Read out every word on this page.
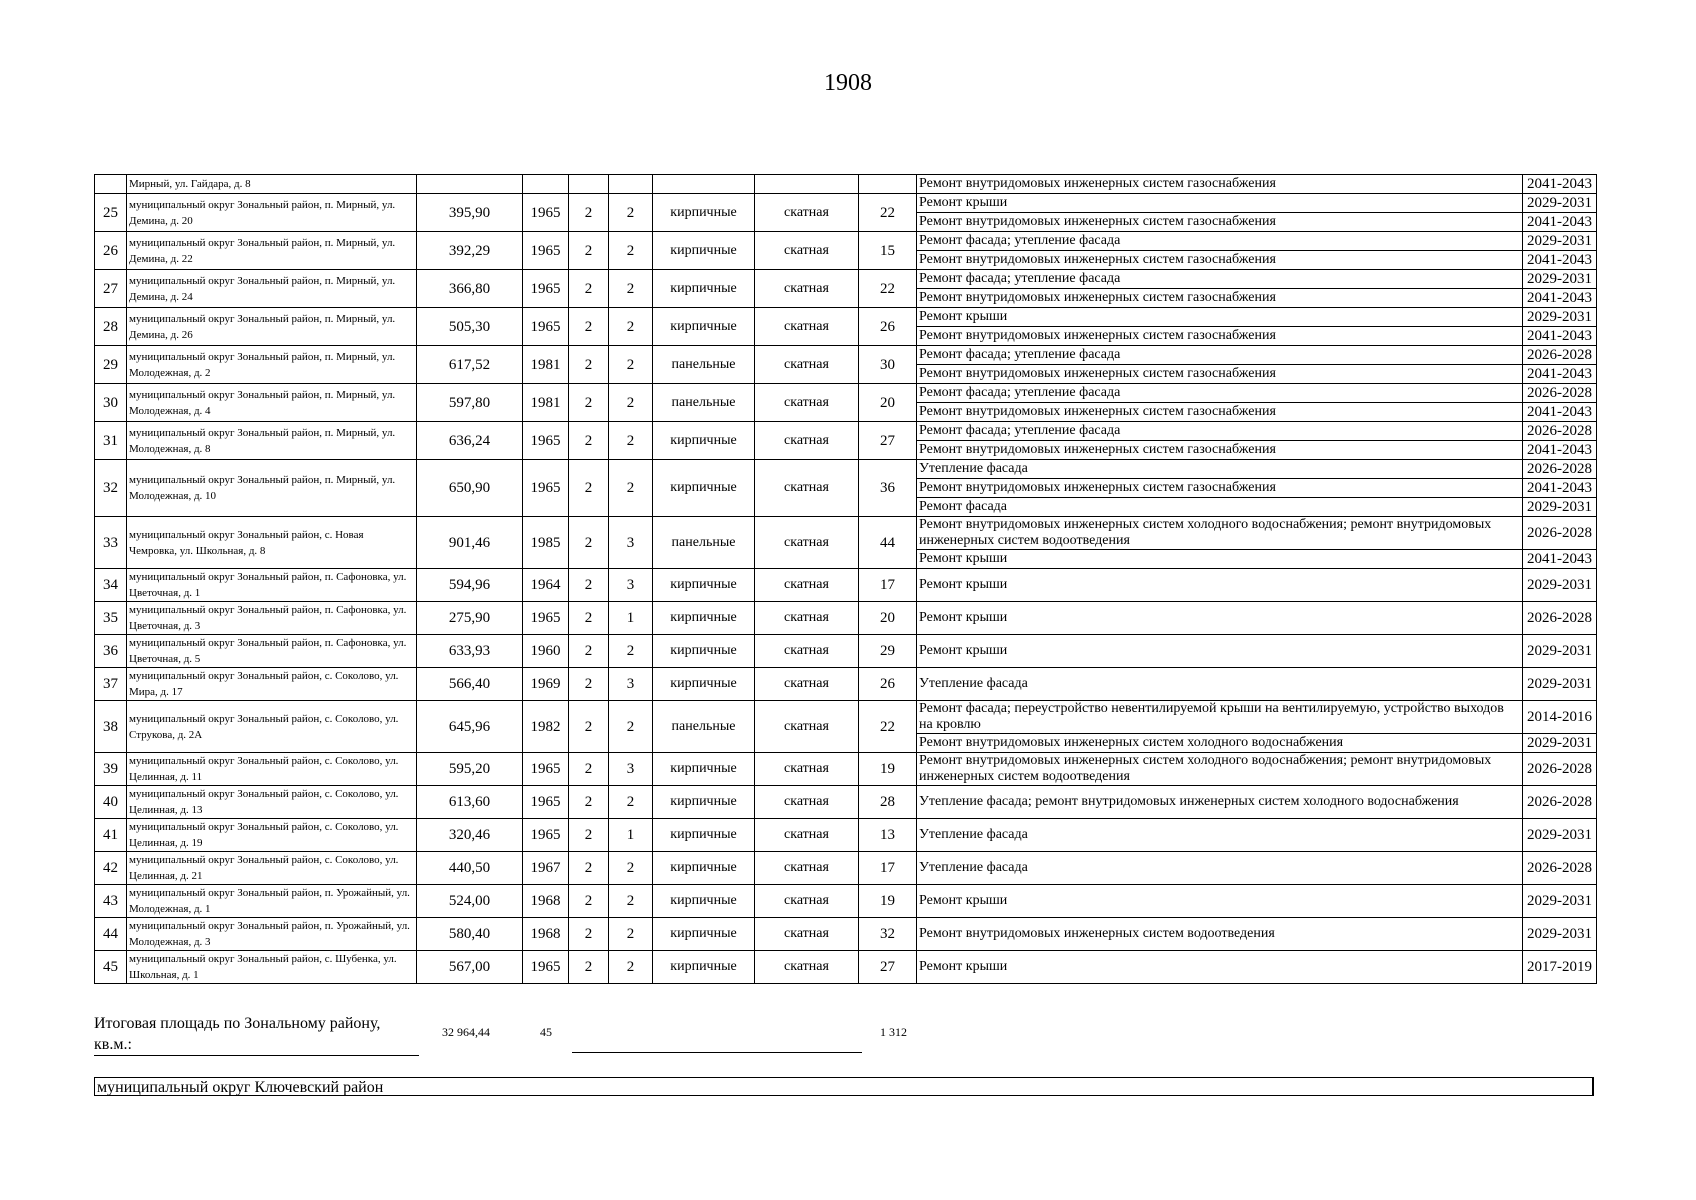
1908
	Мирный, ул. Гайдара, д. 8								Ремонт внутридомовых инженерных систем газоснабжения	2041-2043
25	муниципальный округ Зональный район, п. Мирный, ул. Демина, д. 20	395,90	1965	2	2	кирпичные	скатная	22	Ремонт крыши	2029-2031
									Ремонт внутридомовых инженерных систем газоснабжения	2041-2043
26	муниципальный округ Зональный район, п. Мирный, ул. Демина, д. 22	392,29	1965	2	2	кирпичные	скатная	15	Ремонт фасада; утепление фасада	2029-2031
									Ремонт внутридомовых инженерных систем газоснабжения	2041-2043
27	муниципальный округ Зональный район, п. Мирный, ул. Демина, д. 24	366,80	1965	2	2	кирпичные	скатная	22	Ремонт фасада; утепление фасада	2029-2031
									Ремонт внутридомовых инженерных систем газоснабжения	2041-2043
28	муниципальный округ Зональный район, п. Мирный, ул. Демина, д. 26	505,30	1965	2	2	кирпичные	скатная	26	Ремонт крыши	2029-2031
									Ремонт внутридомовых инженерных систем газоснабжения	2041-2043
29	муниципальный округ Зональный район, п. Мирный, ул. Молодежная, д. 2	617,52	1981	2	2	панельные	скатная	30	Ремонт фасада; утепление фасада	2026-2028
									Ремонт внутридомовых инженерных систем газоснабжения	2041-2043
30	муниципальный округ Зональный район, п. Мирный, ул. Молодежная, д. 4	597,80	1981	2	2	панельные	скатная	20	Ремонт фасада; утепление фасада	2026-2028
									Ремонт внутридомовых инженерных систем газоснабжения	2041-2043
31	муниципальный округ Зональный район, п. Мирный, ул. Молодежная, д. 8	636,24	1965	2	2	кирпичные	скатная	27	Ремонт фасада; утепление фасада	2026-2028
									Ремонт внутридомовых инженерных систем газоснабжения	2041-2043
32	муниципальный округ Зональный район, п. Мирный, ул. Молодежная, д. 10	650,90	1965	2	2	кирпичные	скатная	36	Утепление фасада	2026-2028
									Ремонт внутридомовых инженерных систем газоснабжения	2041-2043
									Ремонт фасада	2029-2031
33	муниципальный округ Зональный район, с. Новая Чемровка, ул. Школьная, д. 8	901,46	1985	2	3	панельные	скатная	44	Ремонт внутридомовых инженерных систем холодного водоснабжения; ремонт внутридомовых инженерных систем водоотведения	2026-2028
									Ремонт крыши	2041-2043
34	муниципальный округ Зональный район, п. Сафоновка, ул. Цветочная, д. 1	594,96	1964	2	3	кирпичные	скатная	17	Ремонт крыши	2029-2031
35	муниципальный округ Зональный район, п. Сафоновка, ул. Цветочная, д. 3	275,90	1965	2	1	кирпичные	скатная	20	Ремонт крыши	2026-2028
36	муниципальный округ Зональный район, п. Сафоновка, ул. Цветочная, д. 5	633,93	1960	2	2	кирпичные	скатная	29	Ремонт крыши	2029-2031
37	муниципальный округ Зональный район, с. Соколово, ул. Мира, д. 17	566,40	1969	2	3	кирпичные	скатная	26	Утепление фасада	2029-2031
38	муниципальный округ Зональный район, с. Соколово, ул. Струкова, д. 2А	645,96	1982	2	2	панельные	скатная	22	Ремонт фасада; переустройство невентилируемой крыши на вентилируемую, устройство выходов на кровлю	2014-2016
									Ремонт внутридомовых инженерных систем холодного водоснабжения	2029-2031
39	муниципальный округ Зональный район, с. Соколово, ул. Целинная, д. 11	595,20	1965	2	3	кирпичные	скатная	19	Ремонт внутридомовых инженерных систем холодного водоснабжения; ремонт внутридомовых инженерных систем водоотведения	2026-2028
40	муниципальный округ Зональный район, с. Соколово, ул. Целинная, д. 13	613,60	1965	2	2	кирпичные	скатная	28	Утепление фасада; ремонт внутридомовых инженерных систем холодного водоснабжения	2026-2028
41	муниципальный округ Зональный район, с. Соколово, ул. Целинная, д. 19	320,46	1965	2	1	кирпичные	скатная	13	Утепление фасада	2029-2031
42	муниципальный округ Зональный район, с. Соколово, ул. Целинная, д. 21	440,50	1967	2	2	кирпичные	скатная	17	Утепление фасада	2026-2028
43	муниципальный округ Зональный район, п. Урожайный, ул. Молодежная, д. 1	524,00	1968	2	2	кирпичные	скатная	19	Ремонт крыши	2029-2031
44	муниципальный округ Зональный район, п. Урожайный, ул. Молодежная, д. 3	580,40	1968	2	2	кирпичные	скатная	32	Ремонт внутридомовых инженерных систем водоотведения	2029-2031
45	муниципальный округ Зональный район, с. Шубенка, ул. Школьная, д. 1	567,00	1965	2	2	кирпичные	скатная	27	Ремонт крыши	2017-2019
Итоговая площадь по Зональному району, кв.м.:
32 964,44	45	1 312
муниципальный округ Ключевский район
